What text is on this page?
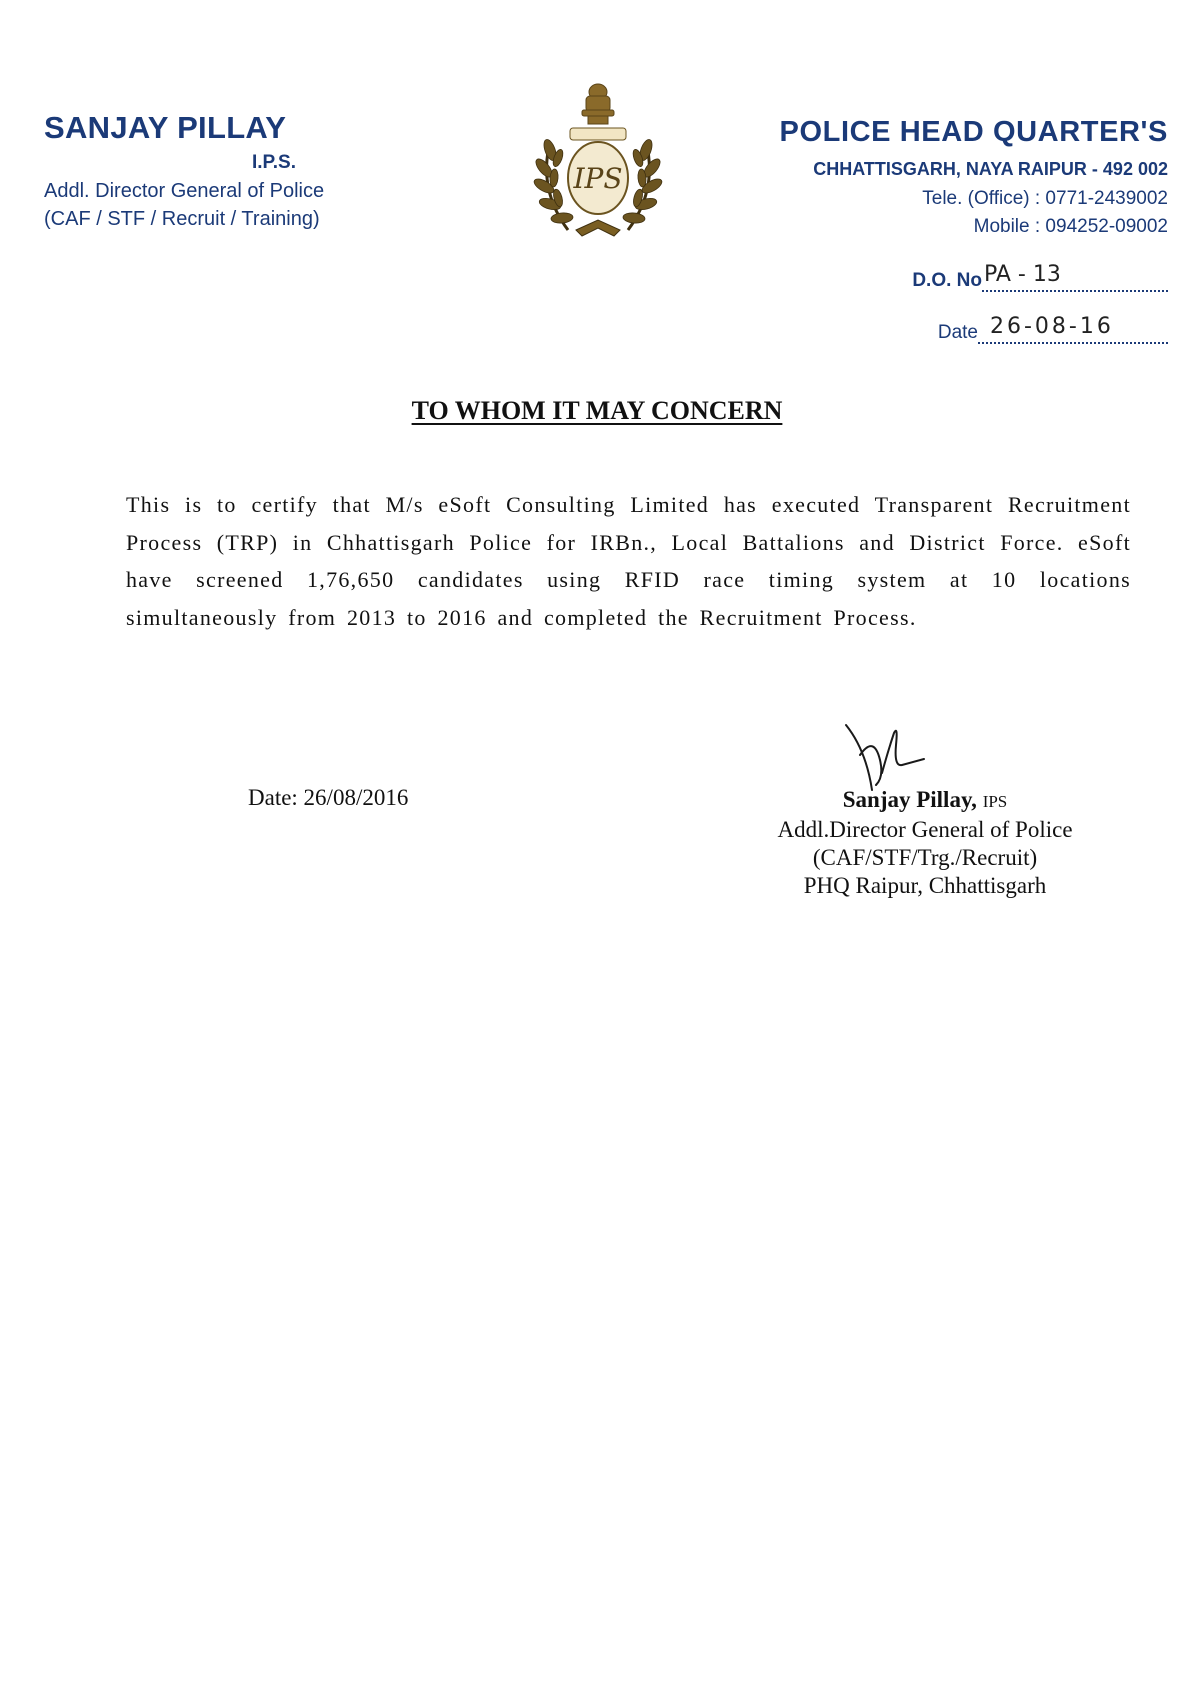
SANJAY PILLAY
I.P.S.
Addl. Director General of Police
(CAF / STF / Recruit / Training)
IPS
POLICE HEAD QUARTER'S
CHHATTISGARH, NAYA RAIPUR - 492 002
Tele. (Office) : 0771-2439002
Mobile : 094252-09002
D.O. No PA - 13
Date 26-08-16
TO WHOM IT MAY CONCERN
This is to certify that M/s eSoft Consulting Limited has executed Transparent Recruitment Process (TRP) in Chhattisgarh Police for IRBn., Local Battalions and District Force. eSoft have screened 1,76,650 candidates using RFID race timing system at 10 locations simultaneously from 2013 to 2016 and completed the Recruitment Process.
Date: 26/08/2016	Sanjay Pillay, IPS
Addl.Director General of Police
(CAF/STF/Trg./Recruit)
PHQ Raipur, Chhattisgarh
